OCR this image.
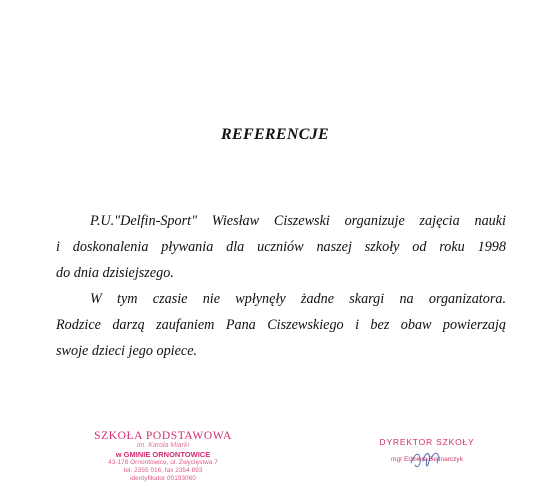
REFERENCJE
P.U."Delfin-Sport" Wiesław Ciszewski organizuje zajęcia nauki
i doskonalenia pływania dla uczniów naszej szkoły od roku 1998
do dnia dzisiejszego.
W tym czasie nie wpłynęły żadne skargi na organizatora.
Rodzice darzą zaufaniem Pana Ciszewskiego i bez obaw powierzają
swoje dzieci jego opiece.
SZKOŁA PODSTAWOWA
im. Karola Miarki
w GMINIE ORNONTOWICE
43-178 Ornontowice, ul. Zwycięstwa 7
tel. 2355 016, fax 2354 893
identyfikator 00193060
DYREKTOR SZKOŁY
mgr Elżbieta Bednarczyk
